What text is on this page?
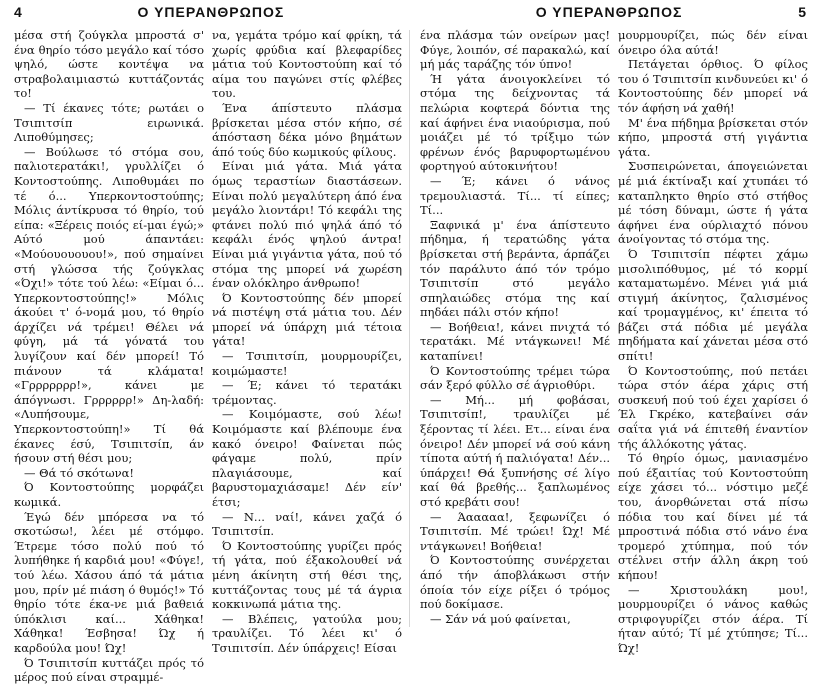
4	Ο ΥΠΕΡΑΝΘΡΩΠΟΣ	Ο ΥΠΕΡΑΝΘΡΩΠΟΣ	5

μέσα στή ζούγκλα μπροστά σ' ένα θηρίο τόσο μεγάλο καί τόσο ψηλό, ώστε κοντέψα να στραβολαιμιαστώ κυττάζοντάς το!

— Τί έκανες τότε; ρωτάει ο Τσιπιτσίπ ειρωνικά. Λιποθύμησες;

— Βούλωσε τό στόμα σου, παλιοτερατάκι!, γρυλλίζει ό Κοντοστούπης. Λιποθυμάει πο τέ ό... Υπερκοντοστούπης; Μόλις άντίκρυσα τό θηρίο, τού είπα: «Ξέρεις ποιός εί-μαι έγώ;» Αύτό μού άπαντάει: «Μούουουουου!», πού σημαίνει στή γλώσσα τής ζούγκλας «Όχι!» τότε τού λέω: «Είμαι ό... Υπερκοντοστούπης!» Μόλις άκούει τ' ό-νομά μου, τό θηρίο άρχίζει νά τρέμει! Θέλει νά φύγη, μά τά γόνατά του λυγίζουν καί δέν μπορεί! Τό πιάνουν τά κλάματα! «Γρρρρρρρ!», κάνει με άπόγνωσι. Γρρρρρρ!» Δη-λαδή: «Λυπήσουμε, Υπερκοντοστούπη!» Τί θά έκανες έσύ, Τσιπιτσίπ, άν ήσουν στή θέσι μου;

— Θά τό σκότωνα!

Ό Κοντοστούπης μορφάζει κωμικά.

Έγώ δέν μπόρεσα να τό σκοτώσω!, λέει μέ στόμφο. Έτρεμε τόσο πολύ πού τό λυπήθηκε ή καρδιά μου! «Φύγε!, τού λέω. Χάσου άπό τά μάτια μου, πρίν μέ πιάση ό θυμός!» Τό θηρίο τότε έκα-νε μιά βαθειά ύπόκλισι καί... Χάθηκα! Χάθηκα! Έσβησα! Ώχ ή καρδούλα μου! Ώχ!

Ό Τσιπιτσίπ κυττάζει πρός τό μέρος πού είναι στραμμέ-

να, γεμάτα τρόμο καί φρίκη, τά χωρίς φρύδια καί βλεφαρίδες μάτια τού Κοντοστούπη καί τό αίμα του παγώνει στίς φλέβες του.

Ένα άπίστευτο πλάσμα βρίσκεται μέσα στόν κήπο, σέ άπόσταση δέκα μόνο βημάτων άπό τούς δύο κωμικούς φίλους.

Είναι μιά γάτα. Μιά γάτα όμως τεραστίων διαστάσεων. Είναι πολύ μεγαλύτερη άπό ένα μεγάλο λιοντάρι! Τό κεφάλι της φτάνει πολύ πιό ψηλά άπό τό κεφάλι ένός ψηλού άντρα! Είναι μιά γιγάντια γάτα, πού τό στόμα της μπορεί νά χωρέση έναν ολόκληρο άνθρωπο!

Ό Κοντοστούπης δέν μπορεί νά πιστέψη στά μάτια του. Δέν μπορεί νά ύπάρχη μιά τέτοια γάτα!

— Τσιπιτσίπ, μουρμουρίζει, κοιμώμαστε!

— Έ; κάνει τό τερατάκι τρέμοντας.

— Κοιμόμαστε, σού λέω! Κοιμόμαστε καί βλέπουμε ένα κακό όνειρο! Φαίνεται πώς φάγαμε πολύ, πρίν πλαγιάσουμε, καί βαρυστομαχιάσαμε! Δέν είν' έτσι;

— Ν... ναί!, κάνει χαζά ό Τσιπιτσίπ.

Ό Κοντοστούπης γυρίζει πρός τή γάτα, πού έξακολουθεί νά μένη άκίνητη στή θέσι της, κυττάζοντας τους μέ τά άγρια κοκκινωπά μάτια της.

— Βλέπεις, γατούλα μου; τραυλίζει. Τό λέει κι' ό Τσιπιτσίπ. Δέν ύπάρχεις! Είσαι

ένα πλάσμα τών ονείρων μας! Φύγε, λοιπόν, σέ παρακαλώ, καί μή μάς ταράζης τόν ύπνο!

Ή γάτα άνοιγοκλείνει τό στόμα της δείχνοντας τά πελώρια κοφτερά δόντια της καί άφήνει ένα νιαούρισμα, πού μοιάζει μέ τό τρίξιμο τών φρένων ένός βαρυφορτωμένου φορτηγού αύτοκινήτου!

— Έ; κάνει ό νάνος τρεμουλιαστά. Τί... τί είπες; Τί...

Ξαφνικά μ' ένα άπίστευτο πήδημα, ή τερατώδης γάτα βρίσκεται στή βεράντα, άρπάζει τόν παράλυτο άπό τόν τρόμο Τσιπιτσίπ στό μεγάλο σπηλαιώδες στόμα της καί πηδάει πάλι στόν κήπο!

— Βοήθεια!, κάνει πνιχτά τό τερατάκι. Μέ ντάγκωνει! Μέ καταπίνει!

Ό Κοντοστούπης τρέμει τώρα σάν ξερό φύλλο σέ άγριοθύρι.

— Μή... μή φοβάσαι, Τσιπιτσίπ!, τραυλίζει μέ ξέροντας τί λέει. Ετ... είναι ένα όνειρο! Δέν μπορεί νά σού κάνη τίποτα αύτή ή παλιόγατα! Δέν... ύπάρχει! Θά ξυπνήσης σέ λίγο καί θά βρεθής... ξαπλωμένος στό κρεβάτι σου!

— Άααααα!, ξεφωνίζει ό Τσιπιτσίπ. Μέ τρώει! Ώχ! Μέ ντάγκωνει! Βοήθεια!

Ό Κοντοστούπης συνέρχεται άπό τήν άποβλάκωσι στήν όποία τόν είχε ρίξει ό τρόμος πού δοκίμασε.

— Σάν νά μού φαίνεται,

μουρμουρίζει, πώς δέν είναι όνειρο όλα αύτά!

Πετάγεται όρθιος. Ό φίλος του ό Τσιπιτσίπ κινδυνεύει κι' ό Κοντοστούπης δέν μπορεί νά τόν άφήση νά χαθή!

Μ' ένα πήδημα βρίσκεται στόν κήπο, μπροστά στή γιγάντια γάτα.

Συσπειρώνεται, άπογειώνεται μέ μιά έκτίναξι καί χτυπάει τό καταπληκτο θηρίο στό στήθος μέ τόση δύναμι, ώστε ή γάτα άφήνει ένα ούρλιαχτό πόνου άνοίγοντας τό στόμα της.

Ό Τσιπιτσίπ πέφτει χάμω μισολιπόθυμος, μέ τό κορμί καταματωμένο. Μένει γιά μιά στιγμή άκίνητος, ζαλισμένος καί τρομαγμένος, κι' έπειτα τό βάζει στά πόδια μέ μεγάλα πηδήματα καί χάνεται μέσα στό σπίτι!

Ό Κοντοστούπης, πού πετάει τώρα στόν άέρα χάρις στή συσκευή πού τού έχει χαρίσει ό Έλ Γκρέκο, κατεβαίνει σάν σαΐτα γιά νά έπιτεθή έναντίον τής άλλόκοτης γάτας.

Τό θηρίο όμως, μανιασμένο πού έξαιτίας τού Κοντοστούπη είχε χάσει τό... νόστιμο μεζέ του, άνορθώνεται στά πίσω πόδια του καί δίνει μέ τά μπροστινά πόδια στό νάνο ένα τρομερό χτύπημα, πού τόν στέλνει στήν άλλη άκρη τού κήπου!

— Χριστουλάκη μου!, μουρμουρίζει ό νάνος καθώς στριφογυρίζει στόν άέρα. Τί ήταν αύτό; Τί μέ χτύπησε; Τί... Ώχ!
